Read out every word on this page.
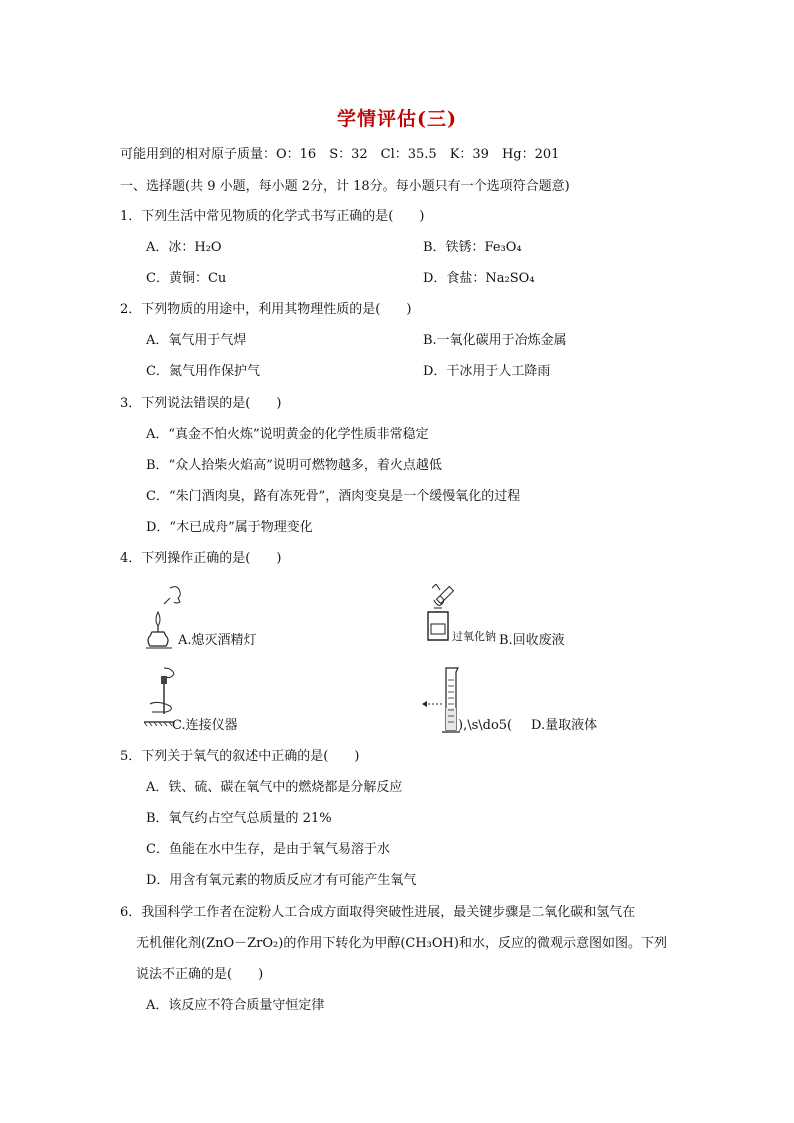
学情评估(三)
可能用到的相对原子质量：O：16　S：32　Cl：35.5　K：39　Hg：201
一、选择题(共 9 小题，每小题 2分，计 18分。每小题只有一个选项符合题意)
1．下列生活中常见物质的化学式书写正确的是(　　)
A．冰：H₂O	B．铁锈：Fe₃O₄
C．黄铜：Cu	D．食盐：Na₂SO₄
2．下列物质的用途中，利用其物理性质的是(　　)
A．氧气用于气焊	B.一氧化碳用于冶炼金属
C．氮气用作保护气	D．干冰用于人工降雨
3．下列说法错误的是(　　)
A．“真金不怕火炼”说明黄金的化学性质非常稳定
B．“众人拾柴火焰高”说明可燃物越多，着火点越低
C．“朱门酒肉臭，路有冻死骨”，酒肉变臭是一个缓慢氧化的过程
D．“木已成舟”属于物理变化
4．下列操作正确的是(　　)
A.熄灭酒精灯	过氧化钠 B.回收废液
C.连接仪器	),\s\do5( D.量取液体
5．下列关于氧气的叙述中正确的是(　　)
A．铁、硫、碳在氧气中的燃烧都是分解反应
B．氧气约占空气总质量的 21%
C．鱼能在水中生存，是由于氧气易溶于水
D．用含有氧元素的物质反应才有可能产生氧气
6．我国科学工作者在淀粉人工合成方面取得突破性进展，最关键步骤是二氧化碳和氢气在
无机催化剂(ZnO－ZrO₂)的作用下转化为甲醇(CH₃OH)和水，反应的微观示意图如图。下列
说法不正确的是(　　)
A．该反应不符合质量守恒定律
